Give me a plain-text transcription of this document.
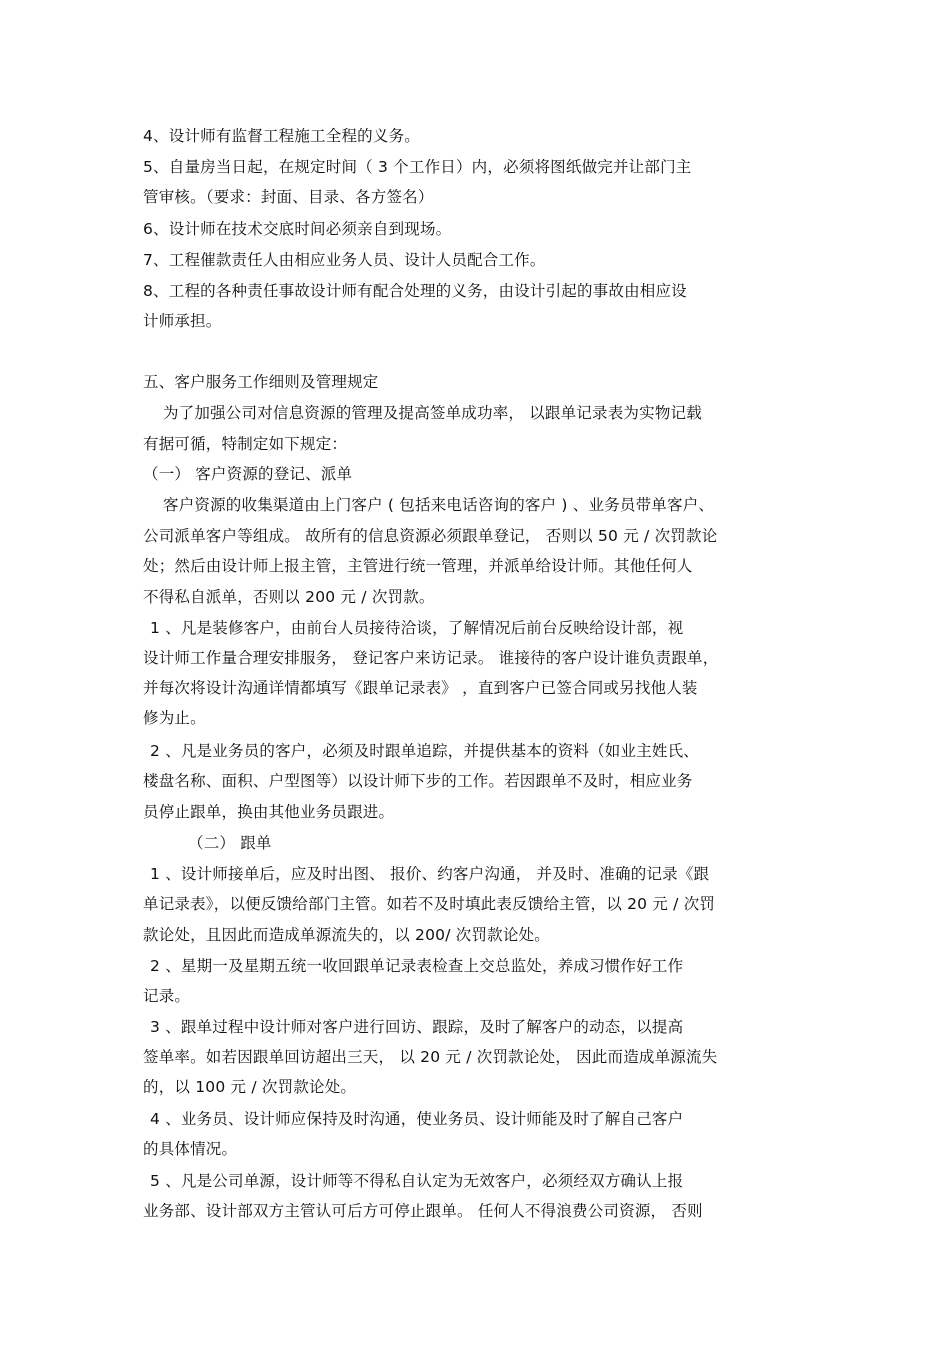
4、设计师有监督工程施工全程的义务。

5、自量房当日起，在规定时间（ 3 个工作日）内，必须将图纸做完并让部门主

管审核。（要求：封面、目录、各方签名）

6、设计师在技术交底时间必须亲自到现场。

7、工程催款责任人由相应业务人员、设计人员配合工作。

8、工程的各种责任事故设计师有配合处理的义务，由设计引起的事故由相应设

计师承担。

五、客户服务工作细则及管理规定

为了加强公司对信息资源的管理及提高签单成功率， 以跟单记录表为实物记载

有据可循，特制定如下规定：

（一） 客户资源的登记、派单

客户资源的收集渠道由上门客户 ( 包括来电话咨询的客户 ) 、业务员带单客户、

公司派单客户等组成。 故所有的信息资源必须跟单登记， 否则以 50 元 / 次罚款论

处；然后由设计师上报主管，主管进行统一管理，并派单给设计师。其他任何人

不得私自派单，否则以 200 元 / 次罚款。

1 、凡是装修客户，由前台人员接待洽谈，了解情况后前台反映给设计部，视

设计师工作量合理安排服务， 登记客户来访记录。 谁接待的客户设计谁负责跟单，

并每次将设计沟通详情都填写《跟单记录表》 ，直到客户已签合同或另找他人装

修为止。

2 、凡是业务员的客户，必须及时跟单追踪，并提供基本的资料（如业主姓氏、

楼盘名称、面积、户型图等）以设计师下步的工作。若因跟单不及时，相应业务

员停止跟单，换由其他业务员跟进。

（二） 跟单

1 、设计师接单后，应及时出图、 报价、约客户沟通， 并及时、准确的记录《跟

单记录表》，以便反馈给部门主管。如若不及时填此表反馈给主管，以 20 元 / 次罚

款论处，且因此而造成单源流失的，以 200/ 次罚款论处。

2 、星期一及星期五统一收回跟单记录表检查上交总监处，养成习惯作好工作

记录。

3 、跟单过程中设计师对客户进行回访、跟踪，及时了解客户的动态，以提高

签单率。如若因跟单回访超出三天， 以 20 元 / 次罚款论处， 因此而造成单源流失

的，以 100 元 / 次罚款论处。

4 、业务员、设计师应保持及时沟通，使业务员、设计师能及时了解自己客户

的具体情况。

5 、凡是公司单源，设计师等不得私自认定为无效客户，必须经双方确认上报

业务部、设计部双方主管认可后方可停止跟单。 任何人不得浪费公司资源， 否则
